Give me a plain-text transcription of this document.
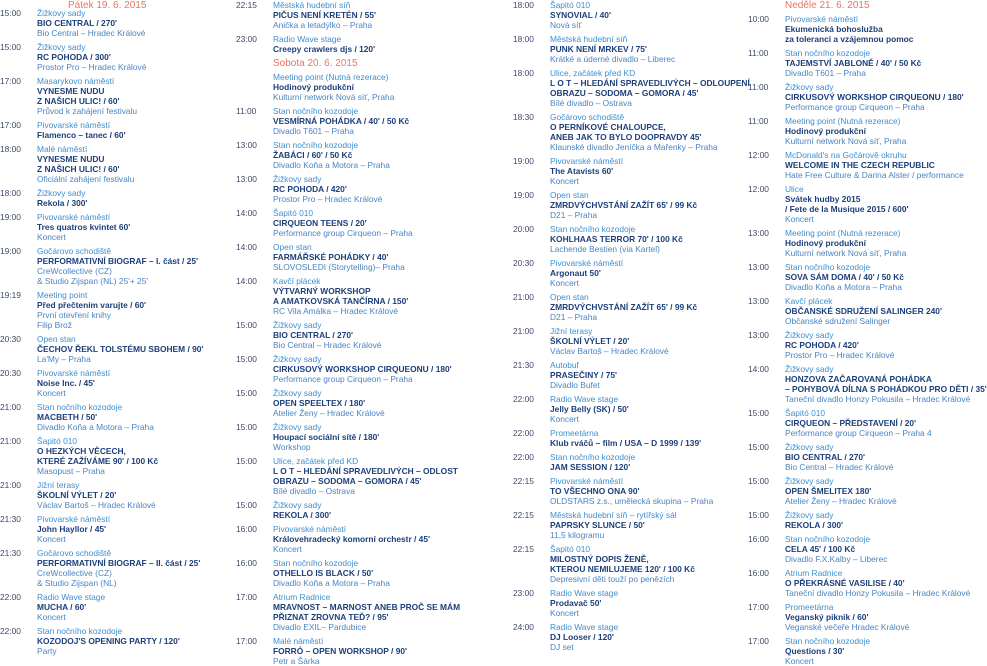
Pátek 19. 6. 2015
15:00	Žižkovy sady
BIO CENTRAL / 270'
Bio Central – Hradec Králové
15:00	Žižkovy sady
RC POHODA / 300'
Prostor Pro – Hradec Králové
17:00	Masarykovo náměstí
VYNESME NUDU
Z NAŠICH ULIC! / 60'
Průvod k zahájení festivalu
17:00	Pivovarské náměstí
Flamenco – tanec / 60'
18:00	Malé náměstí
VYNESME NUDU
Z NAŠICH ULIC! / 60'
Oficiální zahájení festivalu
18:00	Žižkovy sady
Rekola / 300'
19:00	Pivovarské náměstí
Tres quatros kvintet 60'
Koncert
19:00	Gočárovo schodiště
PERFORMATIVNÍ BIOGRAF – I. část / 25'
CreWcollective (CZ)
& Studio Zijspan (NL) 25'+ 25'
19:19	Meeting point
Před přečtením varujte / 60'
První otevření knihy
Filip Brož
20:30	Open stan
ČECHOV ŘEKL TOLSTÉMU SBOHEM / 90'
La'My – Praha
20:30	Pivovarské náměstí
Noise Inc. / 45'
Koncert
21:00	Stan nočního kozodoje
MACBETH / 50'
Divadlo Koňa a Motora – Praha
21:00	Šapitó 010
O HEZKÝCH VĚCECH,
KTERÉ ZAŽÍVÁME 90' / 100 Kč
Masopust – Praha
21:00	Jižní terasy
ŠKOLNÍ VÝLET / 20'
Václav Bartoš – Hradec Králové
21:30	Pivovarské náměstí
John Hayllor / 45'
Koncert
21:30	Gočárovo schodiště
PERFORMATIVNÍ BIOGRAF – II. část / 25'
CreWcollective (CZ)
& Studio Zijspan (NL)
22:00	Radio Wave stage
MUCHA / 60'
Koncert
22:00	Stan nočního kozodoje
KOZODOJ'S OPENING PARTY / 120'
Party
22:15	Městská hudební síň
PIČUS NENÍ KRETÉN / 55'
Anička a letadýlko – Praha
23:00	Radio Wave stage
Creepy crawlers djs / 120'
Sobota 20. 6. 2015
Meeting point (Nutná rezerace)
Hodinový produkční
Kulturní network Nová síť, Praha
11:00	Stan nočního kozodoje
VESMÍRNÁ POHÁDKA / 40' / 50 Kč
Divadlo T601 – Praha
13:00	Stan nočního kozodoje
ŽABÁCI / 60' / 50 Kč
Divadlo Koňa a Motora – Praha
13:00	Žižkovy sady
RC POHODA / 420'
Prostor Pro – Hradec Králové
14:00	Šapitó 010
CIRQUEON TEENS / 20'
Performance group Cirqueon – Praha
14:00	Open stan
FARMÁŘSKÉ POHÁDKY / 40'
SLOVOSLEDI (Storytelling)– Praha
14:00	Kavčí plácek
VÝTVARNÝ WORKSHOP
A AMATKOVSKÁ TANČÍRNA / 150'
RC Vila Amálka – Hradec Králové
15:00	Žižkovy sady
BIO CENTRAL / 270'
Bio Central – Hradec Králové
15:00	Žižkovy sady
CIRKUSOVÝ WORKSHOP CIRQUEONU / 180'
Performance group Cirqueon – Praha
15:00	Žižkovy sady
OPEN SPEELTEX / 180'
Atelier Ženy – Hradec Králové
15:00	Žižkovy sady
Houpací sociální sítě / 180'
Workshop
15:00	Ulice, začátek před KD
L O T – HLEDÁNÍ SPRAVEDLIVÝCH – ODLOST
OBRAZU – SODOMA – GOMORA / 45'
Bílé divadlo – Ostrava
15:00	Žižkovy sady
REKOLA / 300'
16:00	Pivovarské náměstí
Královehradecký komorní orchestr / 45'
Koncert
16:00	Stan nočního kozodoje
OTHELLO IS BLACK / 50'
Divadlo Koňa a Motora – Praha
17:00	Atrium Radnice
MRAVNOST – MARNOST ANEB PROČ SE MÁM
PŘIZNAT ZROVNA TEĎ? / 95'
Divadlo EXIL– Pardubice
17:00	Malé náměstí
FORRÓ – OPEN WORKSHOP / 90'
Petr a Šárka
18:00	Šapitó 010
SYNOVIAL / 40'
Nová síť
18:00	Městská hudební síň
PUNK NENÍ MRKEV / 75'
Krátké a úderné divadlo – Liberec
18:00	Ulice, začátek před KD
L O T – HLEDÁNÍ SPRAVEDLIVÝCH – ODLOUPENÍ
OBRAZU – SODOMA – GOMORA / 45'
Bílé divadlo – Ostrava
18:30	Gočárovo schodiště
O PERNÍKOVÉ CHALOUPCE,
ANEB JAK TO BYLO DOOPRAVDY 45'
Klaunské divadlo Jeníčka a Mařenky – Praha
19:00	Pivovarské náměstí
The Atavists 60'
Koncert
19:00	Open stan
ZMRDVÝCHVSTÁNÍ ZAŽÍT 65' / 99 Kč
D21 – Praha
20:00	Stan nočního kozodoje
KOHLHAAS TERROR 70' / 100 Kč
Lachende Bestien (via Kartel)
20:30	Pivovarské náměstí
Argonaut 50'
Koncert
21:00	Open stan
ZMRDVÝCHVSTÁNÍ ZAŽÍT 65' / 99 Kč
D21 – Praha
21:00	Jižní terasy
ŠKOLNÍ VÝLET / 20'
Václav Bartoš – Hradec Králové
21:30	Autobuf
PRASEČINY / 75'
Divadlo Bufet
22:00	Radio Wave stage
Jelly Belly (SK) / 50'
Koncert
22:00	Promeetárna
Klub rváčů – film / USA – D 1999 / 139'
22:00	Stan nočního kozodoje
JAM SESSION / 120'
22:15	Pivovarské náměstí
TO VŠECHNO ONA 90'
OLDSTARS z.s., umělecká skupina – Praha
22:15	Městská hudební síň – rytířský sál
PAPRSKY SLUNCE / 50'
11,5 kilogramu
22:15	Šapitó 010
MILOSTNÝ DOPIS ŽENĚ,
KTEROU NEMILUJEME 120' / 100 Kč
Depresivní děti touží po penězích
23:00	Radio Wave stage
Prodavač 50'
Koncert
24:00	Radio Wave stage
DJ Looser / 120'
DJ set
Neděle 21. 6. 2015
10:00	Pivovarské náměstí
Ekumenická bohoslužba
za toleranci a vzájemnou pomoc
11:00	Stan nočního kozodoje
TAJEMSTVÍ JABLONĚ / 40' / 50 Kč
Divadlo T601 – Praha
11:00	Žižkovy sady
CIRKUSOVÝ WORKSHOP CIRQUEONU / 180'
Performance group Cirqueon – Praha
11:00	Meeting point (Nutná rezerace)
Hodinový produkční
Kulturní network Nová síť, Praha
12:00	McDonald's na Gočárově okruhu
WELCOME IN THE CZECH REPUBLIC
Hate Free Culture & Darina Alster / performance
12:00	Ulice
Svátek hudby 2015
/ Fete de la Musique 2015 / 600'
Koncert
13:00	Meeting point (Nutná rezerace)
Hodinový produkční
Kulturní network Nová síť, Praha
13:00	Stan nočního kozodoje
SOVA SÁM DOMA / 40' / 50 Kč
Divadlo Koňa a Motora – Praha
13:00	Kavčí plácek
OBČANSKÉ SDRUŽENÍ SALINGER 240'
Občanské sdružení Salinger
13:00	Žižkovy sady
RC POHODA / 420'
Prostor Pro – Hradec Králové
14:00	Žižkovy sady
HONZOVA ZAČAROVANÁ POHÁDKA
– POHYBOVÁ DÍLNA S POHÁDKOU PRO DĚTI / 35'
Taneční divadlo Honzy Pokusila – Hradec Králové
15:00	Šapitó 010
CIRQUEON – PŘEDSTAVENÍ / 20'
Performance group Cirqueon – Praha 4
15:00	Žižkovy sady
BIO CENTRAL / 270'
Bio Central – Hradec Králové
15:00	Žižkovy sady
OPEN ŠMELITEX 180'
Atelier Ženy – Hradec Králové
15:00	Žižkovy sady
REKOLA / 300'
16:00	Stan nočního kozodoje
CELA 45' / 100 Kč
Divadlo F.X.Kalby – Liberec
16:00	Atrium Radnice
O PŘEKRÁSNÉ VASILISE / 40'
Taneční divadlo Honzy Pokusila – Hradec Králové
17:00	Promeetárna
Veganský piknik / 60'
Veganské večeře Hradec Králové
17:00	Stan nočního kozodoje
Questions / 30'
Koncert
